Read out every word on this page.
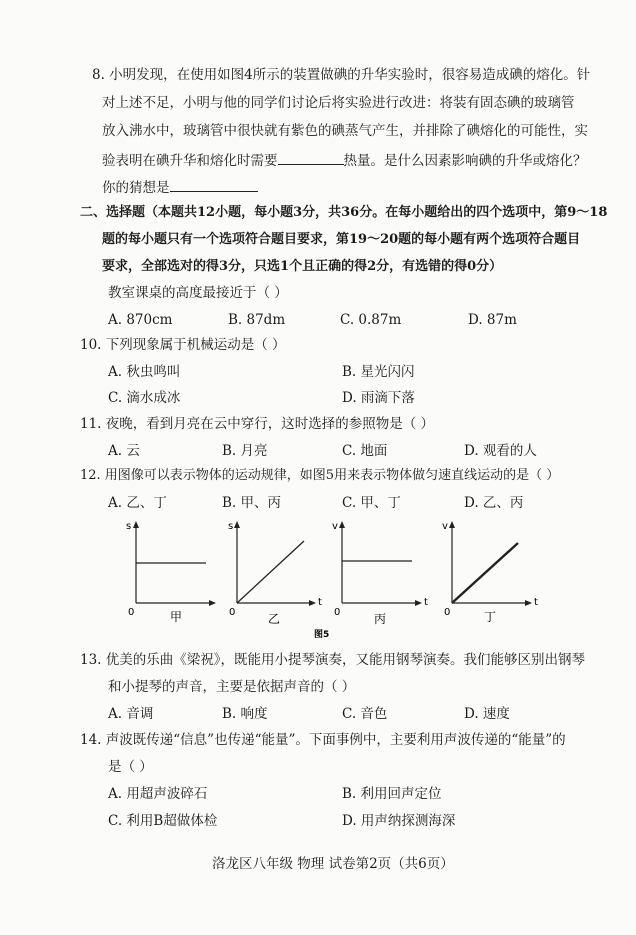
8. 小明发现，在使用如图4所示的装置做碘的升华实验时，很容易造成碘的熔化。针
对上述不足，小明与他的同学们讨论后将实验进行改进：将装有固态碘的玻璃管
放入沸水中，玻璃管中很快就有紫色的碘蒸气产生，并排除了碘熔化的可能性，实
验表明在碘升华和熔化时需要	热量。是什么因素影响碘的升华或熔化？
你的猜想是
二、选择题（本题共12小题，每小题3分，共36分。在每小题给出的四个选项中，第9～18
题的每小题只有一个选项符合题目要求，第19～20题的每小题有两个选项符合题目
要求，全部选对的得3分，只选1个且正确的得2分，有选错的得0分）
教室课桌的高度最接近于（ ）
A. 870cm	B. 87dm	C. 0.87m	D. 87m
10. 下列现象属于机械运动是（ ）
A. 秋虫鸣叫	B. 星光闪闪
C. 滴水成冰	D. 雨滴下落
11. 夜晚，看到月亮在云中穿行，这时选择的参照物是（ ）
A. 云	B. 月亮	C. 地面	D. 观看的人
12. 用图像可以表示物体的运动规律，如图5用来表示物体做匀速直线运动的是（ ）
A. 乙、丁	B. 甲、丙	C. 甲、丁	D. 乙、丙
s
0	甲
s
t
0	乙
v
t
0	丙
v
t
0	丁
图5
13. 优美的乐曲《梁祝》，既能用小提琴演奏，又能用钢琴演奏。我们能够区别出钢琴
和小提琴的声音，主要是依据声音的（ ）
A. 音调	B. 响度	C. 音色	D. 速度
14. 声波既传递“信息”也传递“能量”。下面事例中，主要利用声波传递的“能量”的
是（ ）
A. 用超声波碎石	B. 利用回声定位
C. 利用B超做体检	D. 用声纳探测海深
洛龙区八年级 物理 试卷第2页（共6页）
